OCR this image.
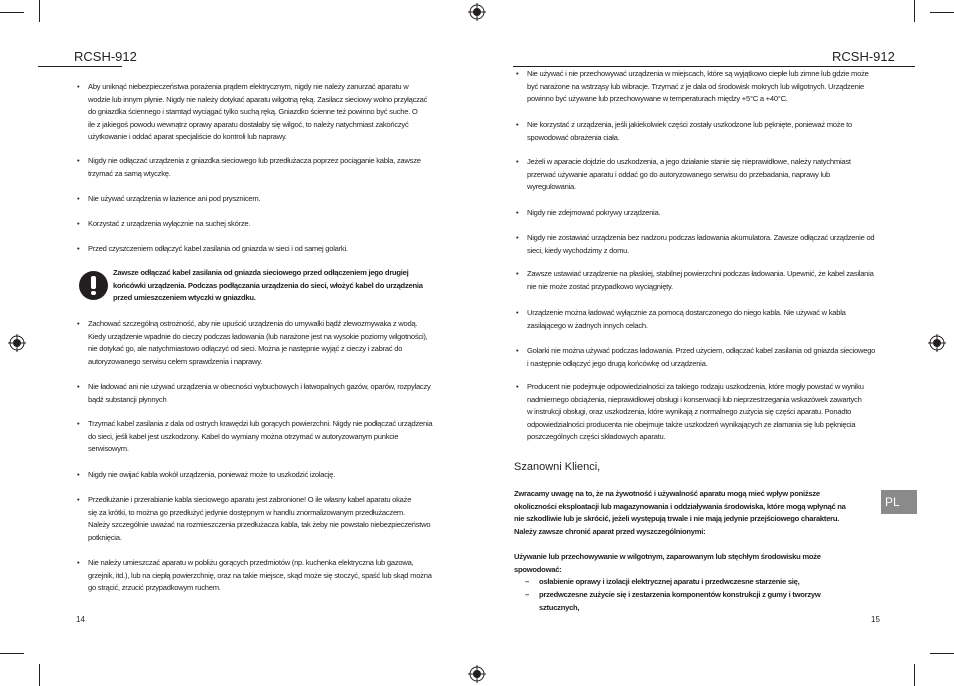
RCSH-912
• Aby uniknąć niebezpieczeństwa porażenia prądem elektrycznym, nigdy nie należy zanurzać aparatu w
wodzie lub innym płynie. Nigdy nie należy dotykać aparatu wilgotną ręką. Zasilacz sieciowy wolno przyłączać
do gniazdka ściennego i stamtąd wyciągać tylko suchą ręką. Gniazdko ścienne też powinno być suche. O
ile z jakiegoś powodu wewnątrz oprawy aparatu dostałaby się wilgoć, to należy natychmiast zakończyć
użytkowanie i oddać aparat specjaliście do kontroli lub naprawy.
• Nigdy nie odłączać urządzenia z gniazdka sieciowego lub przedłużacza poprzez pociąganie kabla, zawsze
trzymać za samą wtyczkę.
• Nie używać urządzenia w łazience ani pod prysznicem.
• Korzystać z urządzenia wyłącznie na suchej skórze.
• Przed czyszczeniem odłączyć kabel zasilania od gniazda w sieci i od samej golarki.
• Zachować szczególną ostrożność, aby nie upuścić urządzenia do umywalki bądź zlewozmywaka z wodą.
Kiedy urządzenie wpadnie do cieczy podczas ładowania (lub narażone jest na wysokie poziomy wilgotności),
nie dotykać go, ale natychmiastowo odłączyć od sieci. Można je następnie wyjąć z cieczy i zabrać do
autoryzowanego serwisu celem sprawdzenia i naprawy.
• Nie ładować ani nie używać urządzenia w obecności wybuchowych i łatwopalnych gazów, oparów, rozpylaczy
bądź substancji płynnych
• Trzymać kabel zasilania z dala od ostrych krawędzi lub gorących powierzchni. Nigdy nie podłączać urządzenia
do sieci, jeśli kabel jest uszkodzony. Kabel do wymiany można otrzymać w autoryzowanym punkcie
serwisowym.
• Nigdy nie owijać kabla wokół urządzenia, ponieważ może to uszkodzić izolację.
• Przedłużanie i przerabianie kabla sieciowego aparatu jest zabronione! O ile własny kabel aparatu okaże
się za krótki, to można go przedłużyć jedynie dostępnym w handlu znormalizowanym przedłużaczem.
Należy szczególnie uważać na rozmieszczenia przedłużacza kabla, tak żeby nie powstało niebezpieczeństwo
potknięcia.
• Nie należy umieszczać aparatu w pobliżu gorących przedmiotów (np. kuchenka elektryczna lub gazowa,
grzejnik, itd.), lub na ciepłą powierzchnię, oraz na takie miejsce, skąd może się stoczyć, spaść lub skąd można
go strącić, zrzucić przypadkowym ruchem.
Zawsze odłączać kabel zasilania od gniazda sieciowego przed odłączeniem jego drugiej
końcówki urządzenia. Podczas podłączania urządzenia do sieci, włożyć kabel do urządzenia
przed umieszczeniem wtyczki w gniazdku.
14
RCSH-912
• Nie używać i nie przechowywać urządzenia w miejscach, które są wyjątkowo ciepłe lub zimne lub gdzie może
być narażone na wstrząsy lub wibracje. Trzymać z je dala od środowisk mokrych lub wilgotnych. Urządzenie
powinno być używane lub przechowywane w temperaturach między +5°C a +40°C.
• Nie korzystać z urządzenia, jeśli jakiekolwiek części zostały uszkodzone lub pęknięte, ponieważ może to
spowodować obrażenia ciała.
• Jeżeli w aparacie dojdzie do uszkodzenia, a jego działanie stanie się nieprawidłowe, należy natychmiast
przerwać używanie aparatu i oddać go do autoryzowanego serwisu do przebadania, naprawy lub
wyregulowania.
• Nigdy nie zdejmować pokrywy urządzenia.
• Nigdy nie zostawiać urządzenia bez nadzoru podczas ładowania akumulatora. Zawsze odłączać urządzenie od
sieci, kiedy wychodzimy z domu.
• Zawsze ustawiać urządzenie na płaskiej, stabilnej powierzchni podczas ładowania. Upewnić, że kabel zasilania
nie nie może zostać przypadkowo wyciągnięty.
• Urządzenie można ładować wyłącznie za pomocą dostarczonego do niego kabla. Nie używać w kabla
zasilającego w żadnych innych celach.
• Golarki nie można używać podczas ładowania. Przed użyciem, odłączać kabel zasilania od gniazda sieciowego
i następnie odłączyć jego drugą końcówkę od urządzenia.
• Producent nie podejmuje odpowiedzialności za takiego rodzaju uszkodzenia, które mogły powstać w wyniku
nadmiernego obciążenia, nieprawidłowej obsługi i konserwacji lub nieprzestrzegania wskazówek zawartych
w instrukcji obsługi, oraz uszkodzenia, które wynikają z normalnego zużycia się części aparatu. Ponadto
odpowiedzialności producenta nie obejmuje także uszkodzeń wynikających ze złamania się lub pęknięcia
poszczególnych części składowych aparatu.
Szanowni Klienci,
Zwracamy uwagę na to, że na żywotność i używalność aparatu mogą mieć wpływ poniższe
okoliczności eksploatacji lub magazynowania i oddziaływania środowiska, które mogą wpłynąć na
nie szkodliwie lub je skrócić, jeżeli występują trwale i nie mają jedynie przejściowego charakteru.
Należy zawsze chronić aparat przed wyszczególnionymi:
Używanie lub przechowywanie w wilgotnym, zaparowanym lub stęchłym środowisku może
spowodować:
– osłabienie oprawy i izolacji elektrycznej aparatu i przedwczesne starzenie się,
– przedwczesne zużycie się i zestarzenia komponentów konstrukcji z gumy i tworzyw
sztucznych,
PL
15
